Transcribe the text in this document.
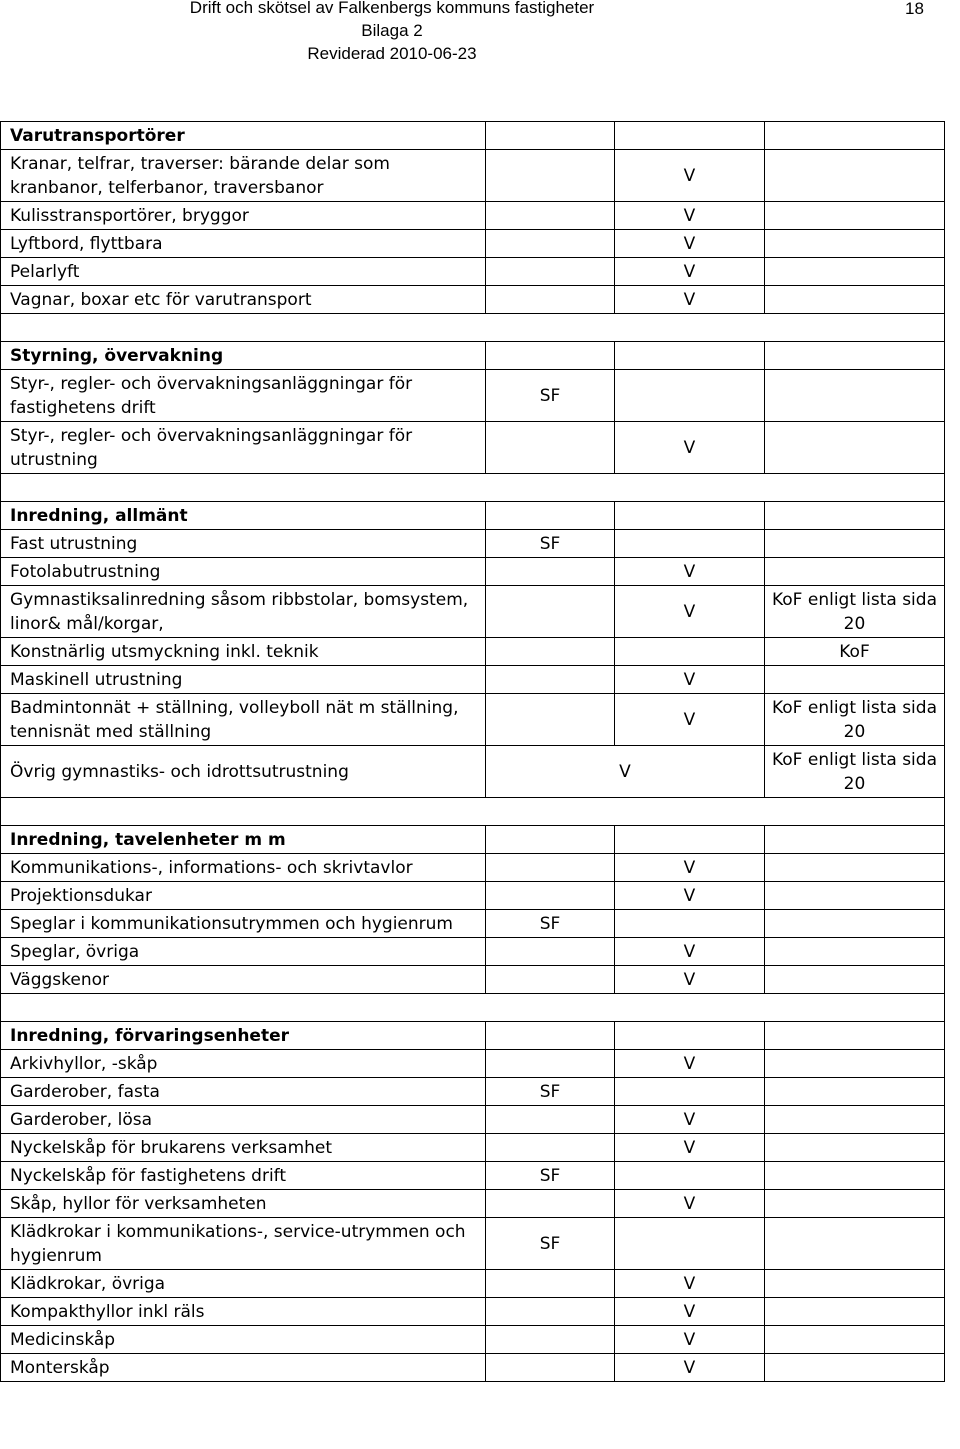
Drift och skötsel av Falkenbergs kommuns fastigheter
Bilaga 2
Reviderad 2010-06-23
18
Varutransportörer			
Kranar, telfrar, traverser: bärande delar som kranbanor, telferbanor, traversbanor		V	
Kulisstransportörer, bryggor		V	
Lyftbord, flyttbara		V	
Pelarlyft		V	
Vagnar, boxar etc för varutransport		V	

Styrning, övervakning			
Styr-, regler- och övervakningsanläggningar för fastighetens drift	SF		
Styr-, regler- och övervakningsanläggningar för utrustning		V	

Inredning, allmänt			
Fast utrustning	SF		
Fotolabutrustning		V	
Gymnastiksalinredning såsom ribbstolar, bomsystem, linor& mål/korgar,		V	KoF enligt lista sida 20
Konstnärlig utsmyckning inkl. teknik			KoF
Maskinell utrustning		V	
Badmintonnät + ställning, volleyboll nät m ställning, tennisnät med ställning		V	KoF enligt lista sida 20
Övrig gymnastiks- och idrottsutrustning	V		KoF enligt lista sida 20

Inredning, tavelenheter m m			
Kommunikations-, informations- och skrivtavlor		V	
Projektionsdukar		V	
Speglar i kommunikationsutrymmen och hygienrum	SF		
Speglar, övriga		V	
Väggskenor		V	

Inredning, förvaringsenheter			
Arkivhyllor, -skåp		V	
Garderober, fasta	SF		
Garderober, lösa		V	
Nyckelskåp för brukarens verksamhet		V	
Nyckelskåp för fastighetens drift	SF		
Skåp, hyllor för verksamheten		V	
Klädkrokar i kommunikations-, service-utrymmen och hygienrum	SF		
Klädkrokar, övriga		V	
Kompakthyllor inkl räls		V	
Medicinskåp		V	
Monterskåp		V	
